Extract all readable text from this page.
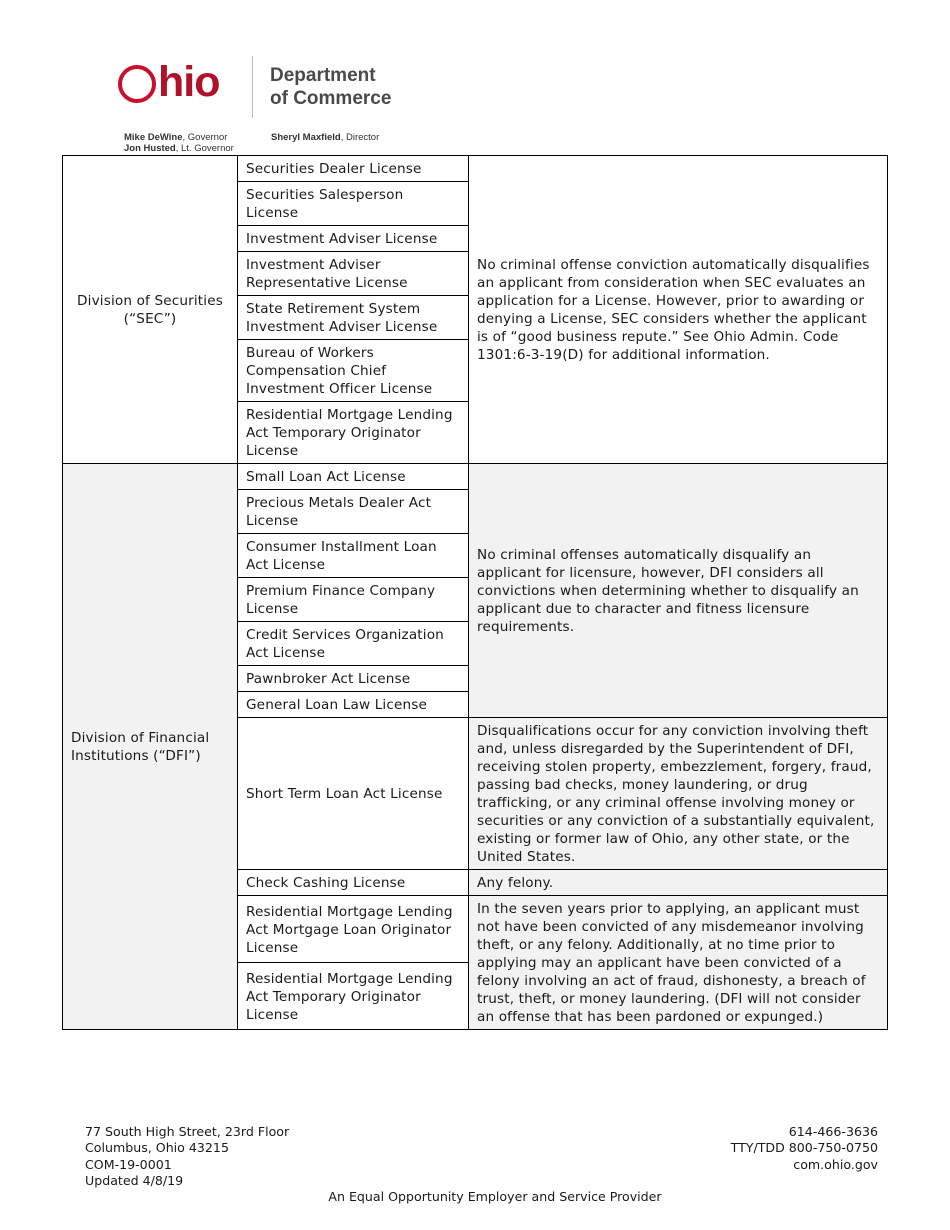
hio	Department
of Commerce
Mike DeWine, Governor
Jon Husted, Lt. Governor
Sheryl Maxfield, Director
Division of Securities (“SEC”)	Securities Dealer License	No criminal offense conviction automatically disqualifies an applicant from consideration when SEC evaluates an application for a License. However, prior to awarding or denying a License, SEC considers whether the applicant is of “good business repute.” See Ohio Admin. Code 1301:6-3-19(D) for additional information.
	Securities Salesperson License	
	Investment Adviser License	
	Investment Adviser Representative License	
	State Retirement System Investment Adviser License	
	Bureau of Workers Compensation Chief Investment Officer License	
	Residential Mortgage Lending Act Temporary Originator License	
Division of Financial Institutions (“DFI”)	Small Loan Act License	No criminal offenses automatically disqualify an applicant for licensure, however, DFI considers all convictions when determining whether to disqualify an applicant due to character and fitness licensure requirements.
	Precious Metals Dealer Act License	
	Consumer Installment Loan Act License	
	Premium Finance Company License	
	Credit Services Organization Act License	
	Pawnbroker Act License	
	General Loan Law License	
	Short Term Loan Act License	Disqualifications occur for any conviction involving theft and, unless disregarded by the Superintendent of DFI, receiving stolen property, embezzlement, forgery, fraud, passing bad checks, money laundering, or drug trafficking, or any criminal offense involving money or securities or any conviction of a substantially equivalent, existing or former law of Ohio, any other state, or the United States.
	Check Cashing License	Any felony.
	Residential Mortgage Lending Act Mortgage Loan Originator License	In the seven years prior to applying, an applicant must not have been convicted of any misdemeanor involving theft, or any felony. Additionally, at no time prior to applying may an applicant have been convicted of a felony involving an act of fraud, dishonesty, a breach of trust, theft, or money laundering. (DFI will not consider an offense that has been pardoned or expunged.)
	Residential Mortgage Lending Act Temporary Originator License	
77 South High Street, 23rd Floor
Columbus, Ohio 43215
COM-19-0001
Updated 4/8/19
614-466-3636
TTY/TDD 800-750-0750
com.ohio.gov
An Equal Opportunity Employer and Service Provider
